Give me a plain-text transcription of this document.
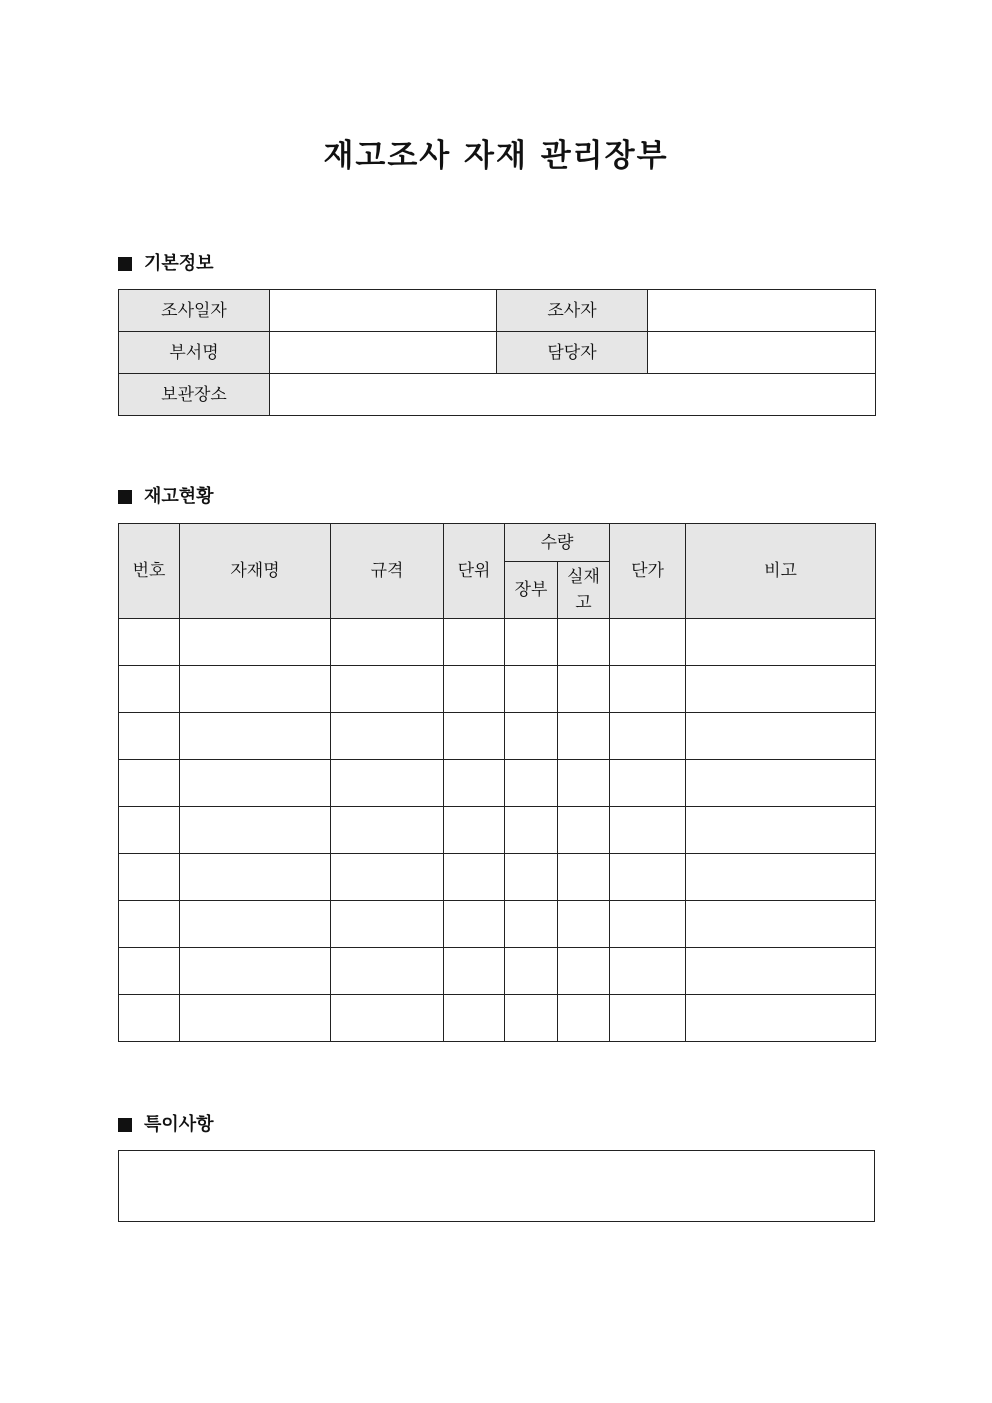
재고조사 자재 관리장부
기본정보
조사일자		조사자	
부서명		담당자	
보관장소			
재고현황
번호	자재명	규격	단위	수량		단가	비고
				장부	실재고		

특이사항
